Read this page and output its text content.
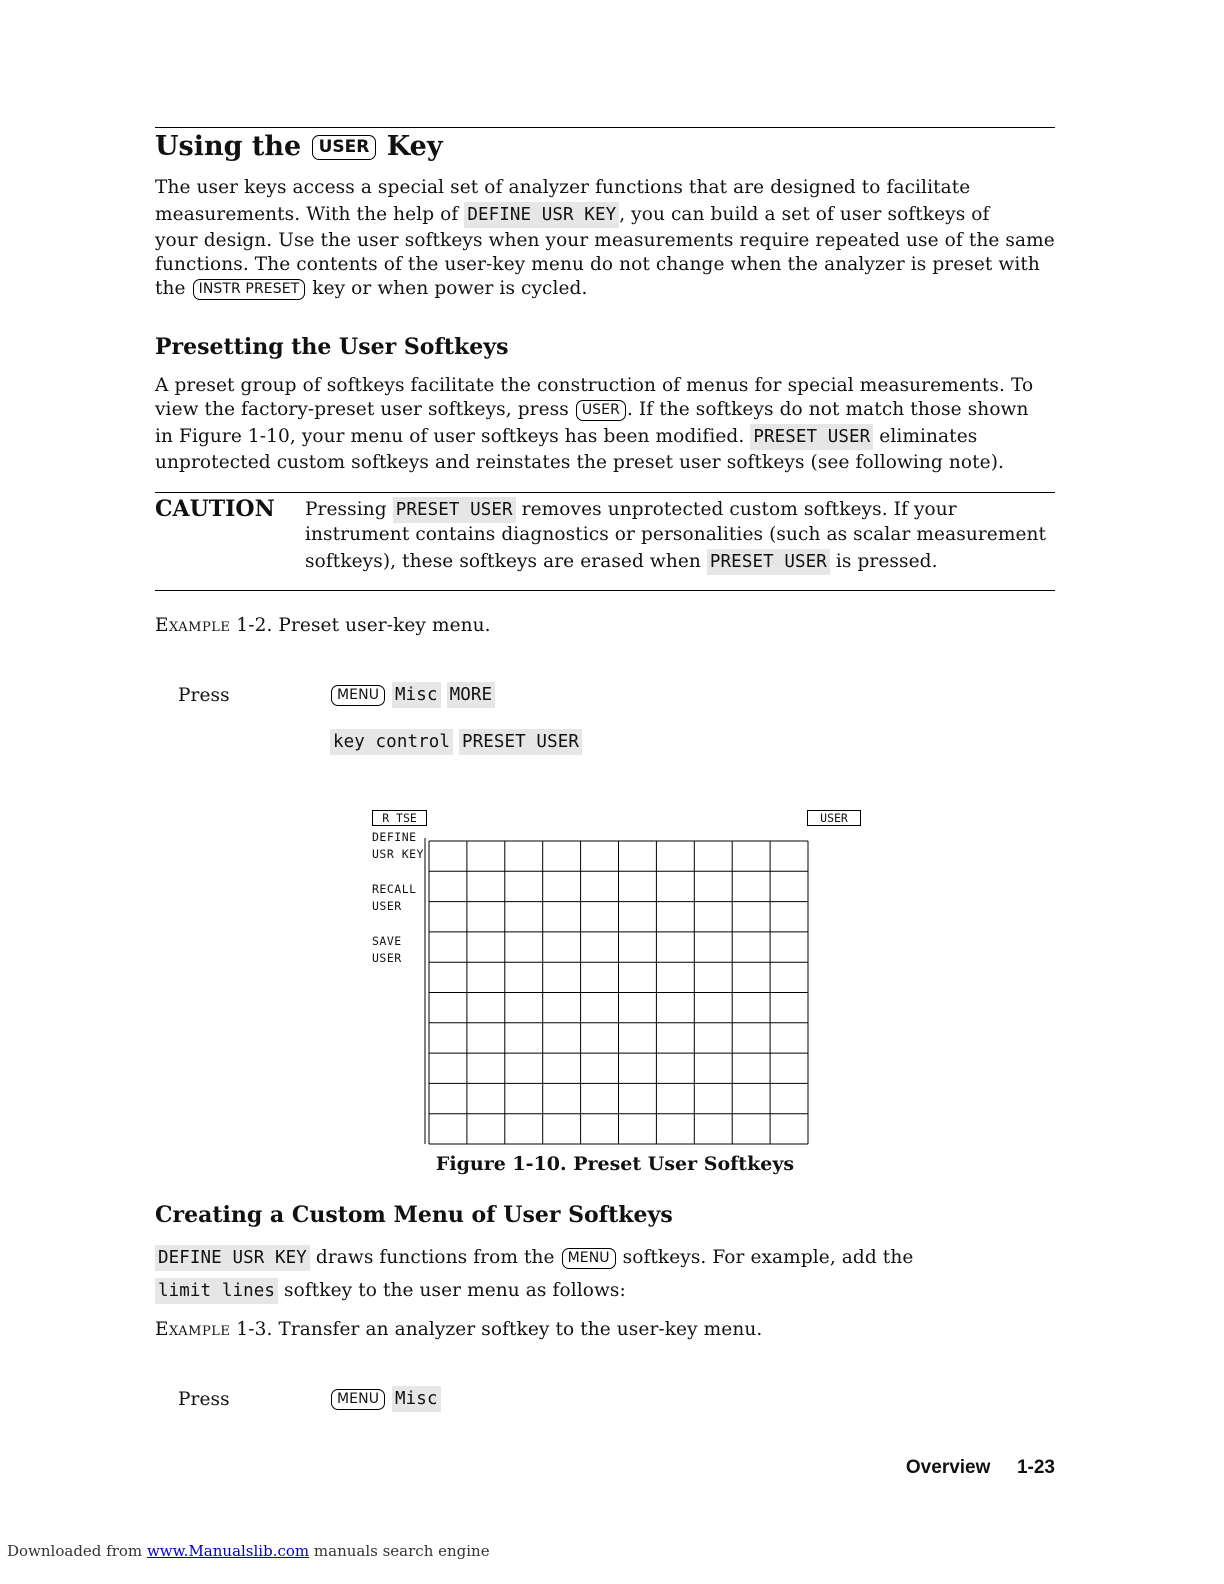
Using the USER Key
The user keys access a special set of analyzer functions that are designed to facilitate
measurements. With the help of DEFINE USR KEY , you can build a set of user softkeys of
your design. Use the user softkeys when your measurements require repeated use of the same
functions. The contents of the user-key menu do not change when the analyzer is preset with
the INSTR PRESET key or when power is cycled.
Presetting the User Softkeys
A preset group of softkeys facilitate the construction of menus for special measurements. To
view the factory-preset user softkeys, press USER . If the softkeys do not match those shown
in Figure 1-10, your menu of user softkeys has been modified. PRESET USER eliminates
unprotected custom softkeys and reinstates the preset user softkeys (see following note).
CAUTION Pressing PRESET USER removes unprotected custom softkeys. If your
instrument contains diagnostics or personalities (such as scalar measurement
softkeys), these softkeys are erased when PRESET USER is pressed.
Example 1-2. Preset user-key menu.
Press	MENU Misc MORE
key control PRESET USER
R TSE	USER
DEFINE
USR KEY
RECALL
USER
SAVE
USER
Figure 1-10. Preset User Softkeys
Creating a Custom Menu of User Softkeys
DEFINE USR KEY draws functions from the MENU softkeys. For example, add the
limit lines softkey to the user menu as follows:
Example 1-3. Transfer an analyzer softkey to the user-key menu.
Press	MENU Misc
Overview 1-23
Downloaded from www.Manualslib.com manuals search engine
